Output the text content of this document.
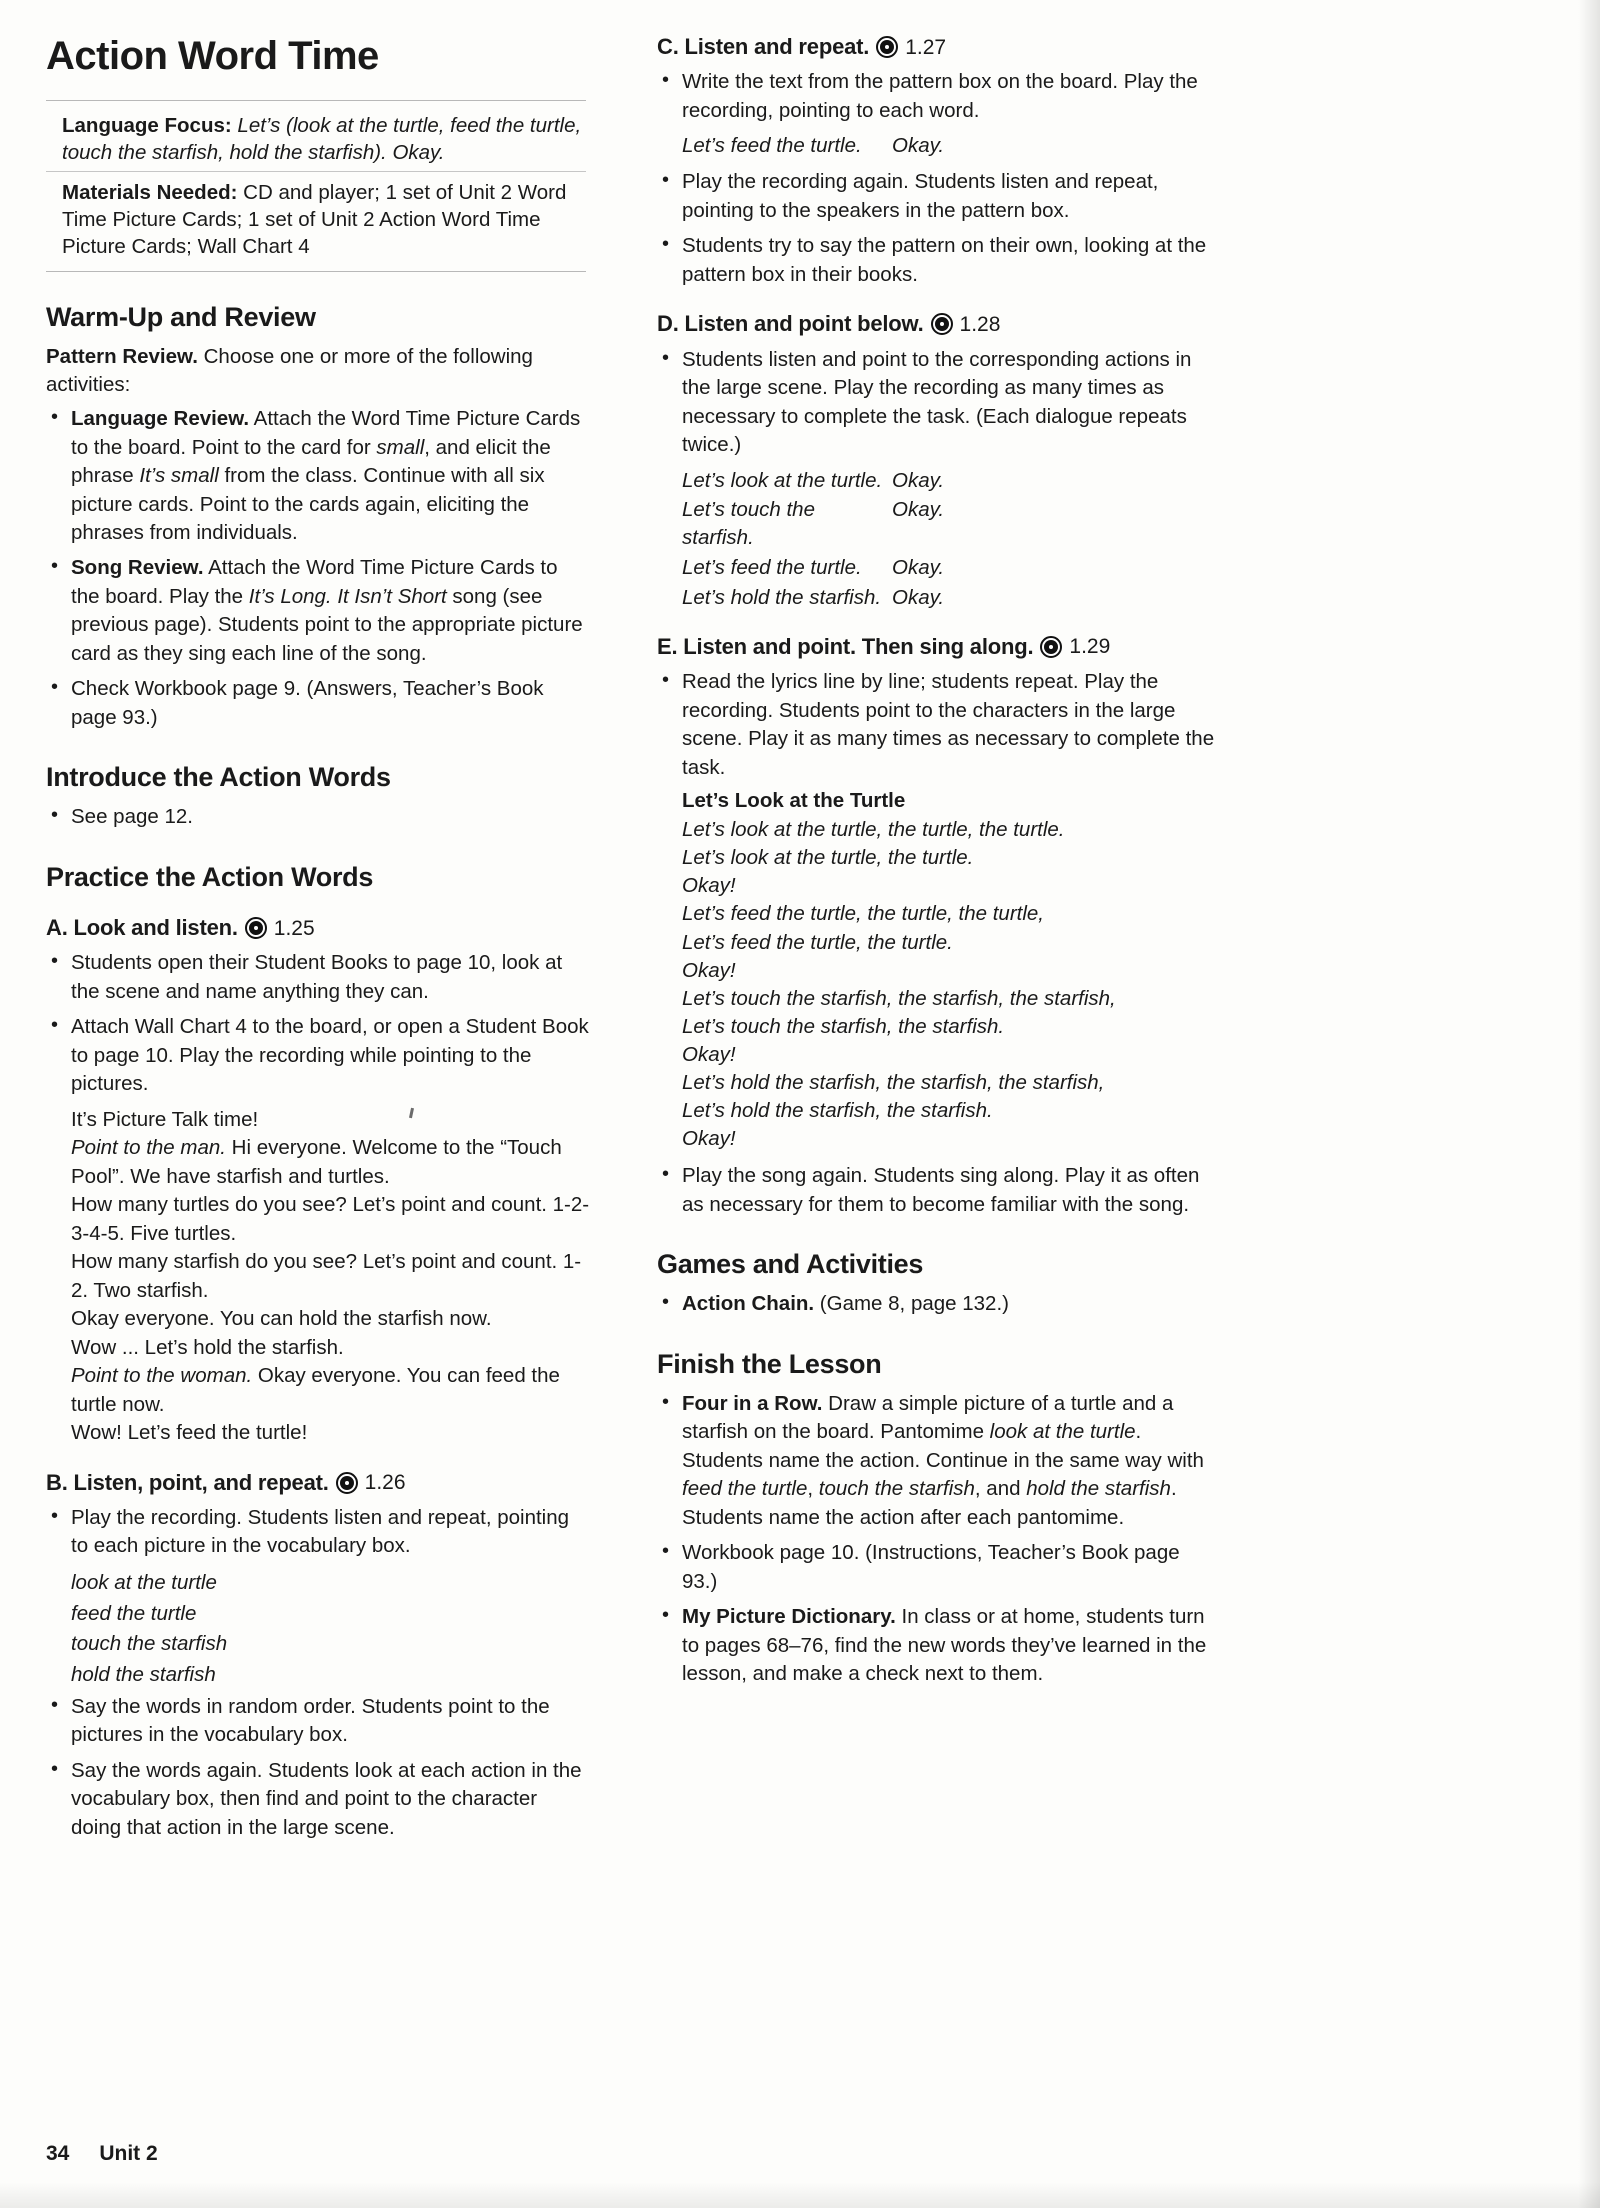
Action Word Time
Language Focus: Let’s (look at the turtle, feed the turtle, touch the starfish, hold the starfish). Okay.
Materials Needed: CD and player; 1 set of Unit 2 Word Time Picture Cards; 1 set of Unit 2 Action Word Time Picture Cards; Wall Chart 4
Warm-Up and Review

Pattern Review. Choose one or more of the following activities:

• Language Review. Attach the Word Time Picture Cards to the board. Point to the card for small, and elicit the phrase It’s small from the class. Continue with all six picture cards. Point to the cards again, eliciting the phrases from individuals.
• Song Review. Attach the Word Time Picture Cards to the board. Play the It’s Long. It Isn’t Short song (see previous page). Students point to the appropriate picture card as they sing each line of the song.
• Check Workbook page 9. (Answers, Teacher’s Book page 93.)
Introduce the Action Words
• See page 12.
Practice the Action Words
A. Look and listen. 1.25
• Students open their Student Books to page 10, look at the scene and name anything they can.
• Attach Wall Chart 4 to the board, or open a Student Book to page 10. Play the recording while pointing to the pictures.
It’s Picture Talk time!
Point to the man. Hi everyone. Welcome to the “Touch Pool”. We have starfish and turtles.
How many turtles do you see? Let’s point and count. 1-2-3-4-5. Five turtles.
How many starfish do you see? Let’s point and count. 1-2. Two starfish.
Okay everyone. You can hold the starfish now.
Wow ... Let’s hold the starfish.
Point to the woman. Okay everyone. You can feed the turtle now.
Wow! Let’s feed the turtle!
B. Listen, point, and repeat. 1.26
• Play the recording. Students listen and repeat, pointing to each picture in the vocabulary box.
look at the turtle
feed the turtle
touch the starfish
hold the starfish
• Say the words in random order. Students point to the pictures in the vocabulary box.
• Say the words again. Students look at each action in the vocabulary box, then find and point to the character doing that action in the large scene.
C. Listen and repeat. 1.27
• Write the text from the pattern box on the board. Play the recording, pointing to each word.
Let’s feed the turtle.	Okay.
• Play the recording again. Students listen and repeat, pointing to the speakers in the pattern box.
• Students try to say the pattern on their own, looking at the pattern box in their books.
D. Listen and point below. 1.28
• Students listen and point to the corresponding actions in the large scene. Play the recording as many times as necessary to complete the task. (Each dialogue repeats twice.)
Let’s look at the turtle. Okay.
Let’s touch the starfish.
Okay.
Let’s feed the turtle.	Okay.
Let’s hold the starfish. Okay.
E. Listen and point. Then sing along. 1.29
• Read the lyrics line by line; students repeat. Play the recording. Students point to the characters in the large scene. Play it as many times as necessary to complete the task.
Let’s Look at the Turtle
Let’s look at the turtle, the turtle, the turtle.
Let’s look at the turtle, the turtle.
Okay!
Let’s feed the turtle, the turtle, the turtle,
Let’s feed the turtle, the turtle.
Okay!
Let’s touch the starfish, the starfish, the starfish,
Let’s touch the starfish, the starfish.
Okay!
Let’s hold the starfish, the starfish, the starfish,
Let’s hold the starfish, the starfish.
Okay!
• Play the song again. Students sing along. Play it as often as necessary for them to become familiar with the song.
Games and Activities
• Action Chain. (Game 8, page 132.)
Finish the Lesson
• Four in a Row. Draw a simple picture of a turtle and a starfish on the board. Pantomime look at the turtle. Students name the action. Continue in the same way with feed the turtle, touch the starfish, and hold the starfish. Students name the action after each pantomime.
• Workbook page 10. (Instructions, Teacher’s Book page 93.)
• My Picture Dictionary. In class or at home, students turn to pages 68–76, find the new words they’ve learned in the lesson, and make a check next to them.
34 Unit 2
